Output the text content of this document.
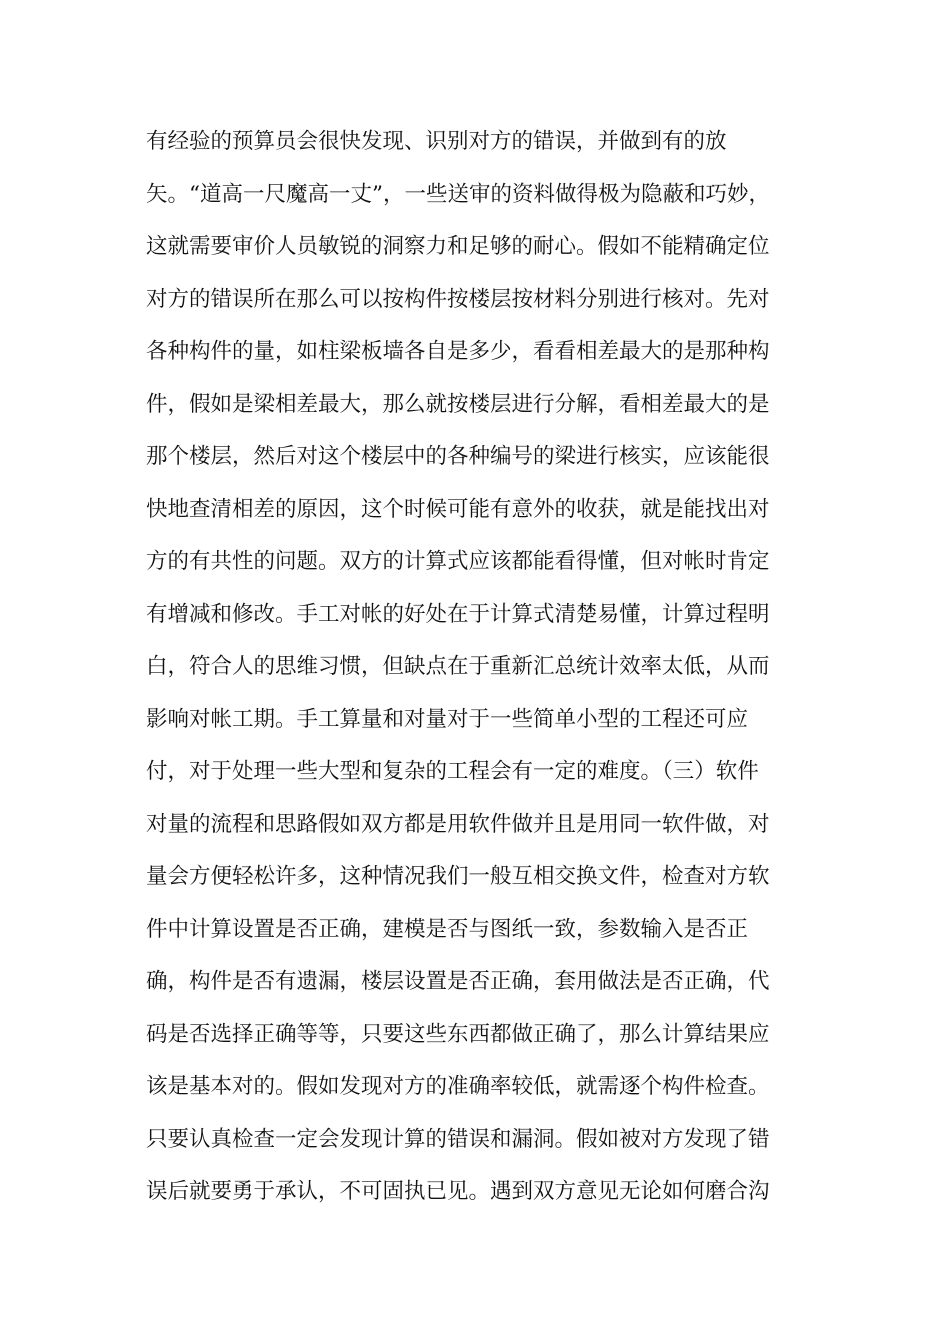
有经验的预算员会很快发现、识别对方的错误，并做到有的放
矢。“道高一尺魔高一丈”，一些送审的资料做得极为隐蔽和巧妙，
这就需要审价人员敏锐的洞察力和足够的耐心。假如不能精确定位
对方的错误所在那么可以按构件按楼层按材料分别进行核对。先对
各种构件的量，如柱梁板墙各自是多少，看看相差最大的是那种构
件，假如是梁相差最大，那么就按楼层进行分解，看相差最大的是
那个楼层，然后对这个楼层中的各种编号的梁进行核实，应该能很
快地查清相差的原因，这个时候可能有意外的收获，就是能找出对
方的有共性的问题。双方的计算式应该都能看得懂，但对帐时肯定
有增减和修改。手工对帐的好处在于计算式清楚易懂，计算过程明
白，符合人的思维习惯，但缺点在于重新汇总统计效率太低，从而
影响对帐工期。手工算量和对量对于一些简单小型的工程还可应
付，对于处理一些大型和复杂的工程会有一定的难度。（三）软件
对量的流程和思路假如双方都是用软件做并且是用同一软件做，对
量会方便轻松许多，这种情况我们一般互相交换文件，检查对方软
件中计算设置是否正确，建模是否与图纸一致，参数输入是否正
确，构件是否有遗漏，楼层设置是否正确，套用做法是否正确，代
码是否选择正确等等，只要这些东西都做正确了，那么计算结果应
该是基本对的。假如发现对方的准确率较低，就需逐个构件检查。
只要认真检查一定会发现计算的错误和漏洞。假如被对方发现了错
误后就要勇于承认，不可固执已见。遇到双方意见无论如何磨合沟
